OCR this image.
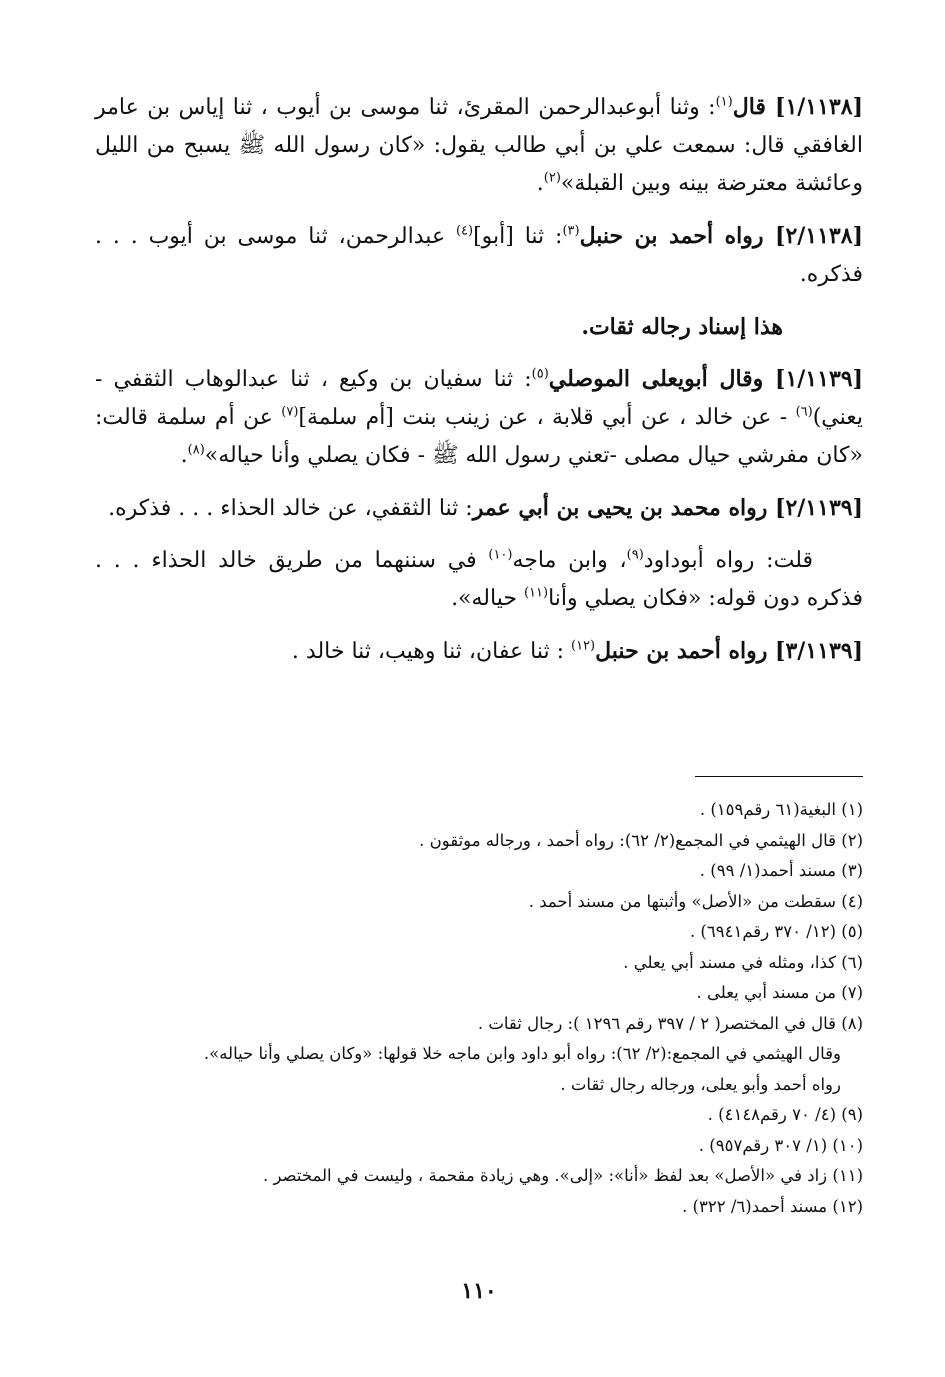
[١/١١٣٨] قال$^{(١)}$: وثنا أبوعبدالرحمن المقرئ، ثنا موسى بن أيوب ، ثنا إياس بن عامر الغافقي قال: سمعت علي بن أبي طالب يقول: «كان رسول الله ﷺ يسبح من الليل وعائشة معترضة بينه وبين القبلة»$^{(٢)}$.

[٢/١١٣٨] رواه أحمد بن حنبل$^{(٣)}$: ثنا [أبو]$^{(٤)}$ عبدالرحمن، ثنا موسى بن أيوب . . . فذكره.

هذا إسناد رجاله ثقات.

[١/١١٣٩] وقال أبويعلى الموصلي$^{(٥)}$: ثنا سفيان بن وكيع ، ثنا عبدالوهاب الثقفي - يعني)$^{(٦)}$ - عن خالد ، عن أبي قلابة ، عن زينب بنت [أم سلمة]$^{(٧)}$ عن أم سلمة قالت: «كان مفرشي حيال مصلى -تعني رسول الله ﷺ - فكان يصلي وأنا حياله»$^{(٨)}$.

[٢/١١٣٩] رواه محمد بن يحيى بن أبي عمر: ثنا الثقفي، عن خالد الحذاء . . . فذكره.

قلت: رواه أبوداود$^{(٩)}$، وابن ماجه$^{(١٠)}$ في سننهما من طريق خالد الحذاء . . . فذكره دون قوله: «فكان يصلي وأنا$^{(١١)}$ حياله».

[٣/١١٣٩] رواه أحمد بن حنبل$^{(١٢)}$ : ثنا عفان، ثنا وهيب، ثنا خالد .

(١) البغية(٦١ رقم١٥٩) .
(٢) قال الهيثمي في المجمع(٢/ ٦٢): رواه أحمد ، ورجاله موثقون .
(٣) مسند أحمد(١/ ٩٩) .
(٤) سقطت من «الأصل» وأثبتها من مسند أحمد .
(٥) (١٢/ ٣٧٠ رقم٦٩٤١) .
(٦) كذا، ومثله في مسند أبي يعلي .
(٧) من مسند أبي يعلى .
(٨) قال في المختصر( ٢ / ٣٩٧ رقم ١٢٩٦ ): رجال ثقات .
وقال الهيثمي في المجمع:(٢/ ٦٢): رواه أبو داود وابن ماجه خلا قولها: «وكان يصلي وأنا حياله».
رواه أحمد وأبو يعلى، ورجاله رجال ثقات .
(٩) (٤/ ٧٠ رقم٤١٤٨) .
(١٠) (١/ ٣٠٧ رقم٩٥٧) .
(١١) زاد في «الأصل» بعد لفظ «أنا»: «إلى». وهي زيادة مقحمة ، وليست في المختصر .
(١٢) مسند أحمد(٦/ ٣٢٢) .
١١٠
